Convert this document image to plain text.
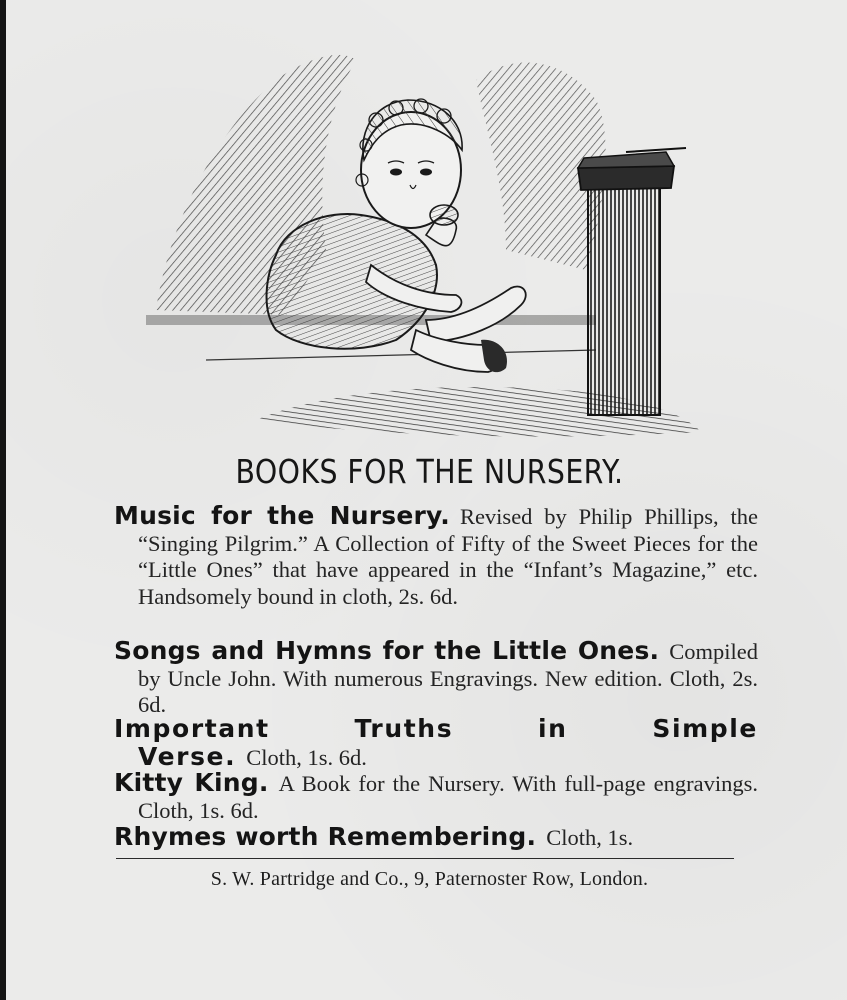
BOOKS FOR THE NURSERY.

Music for the Nursery. Revised by Philip Phillips, the “Singing Pilgrim.” A Collection of Fifty of the Sweet Pieces for the “Little Ones” that have appeared in the “Infant’s Magazine,” etc. Handsomely bound in cloth, 2s. 6d.

Songs and Hymns for the Little Ones. Compiled by Uncle John. With numerous Engravings. New edition. Cloth, 2s. 6d.

Important Truths in Simple Verse. Cloth, 1s. 6d.

Kitty King. A Book for the Nursery. With full-page engravings. Cloth, 1s. 6d.

Rhymes worth Remembering. Cloth, 1s.

S. W. Partridge and Co., 9, Paternoster Row, London.
